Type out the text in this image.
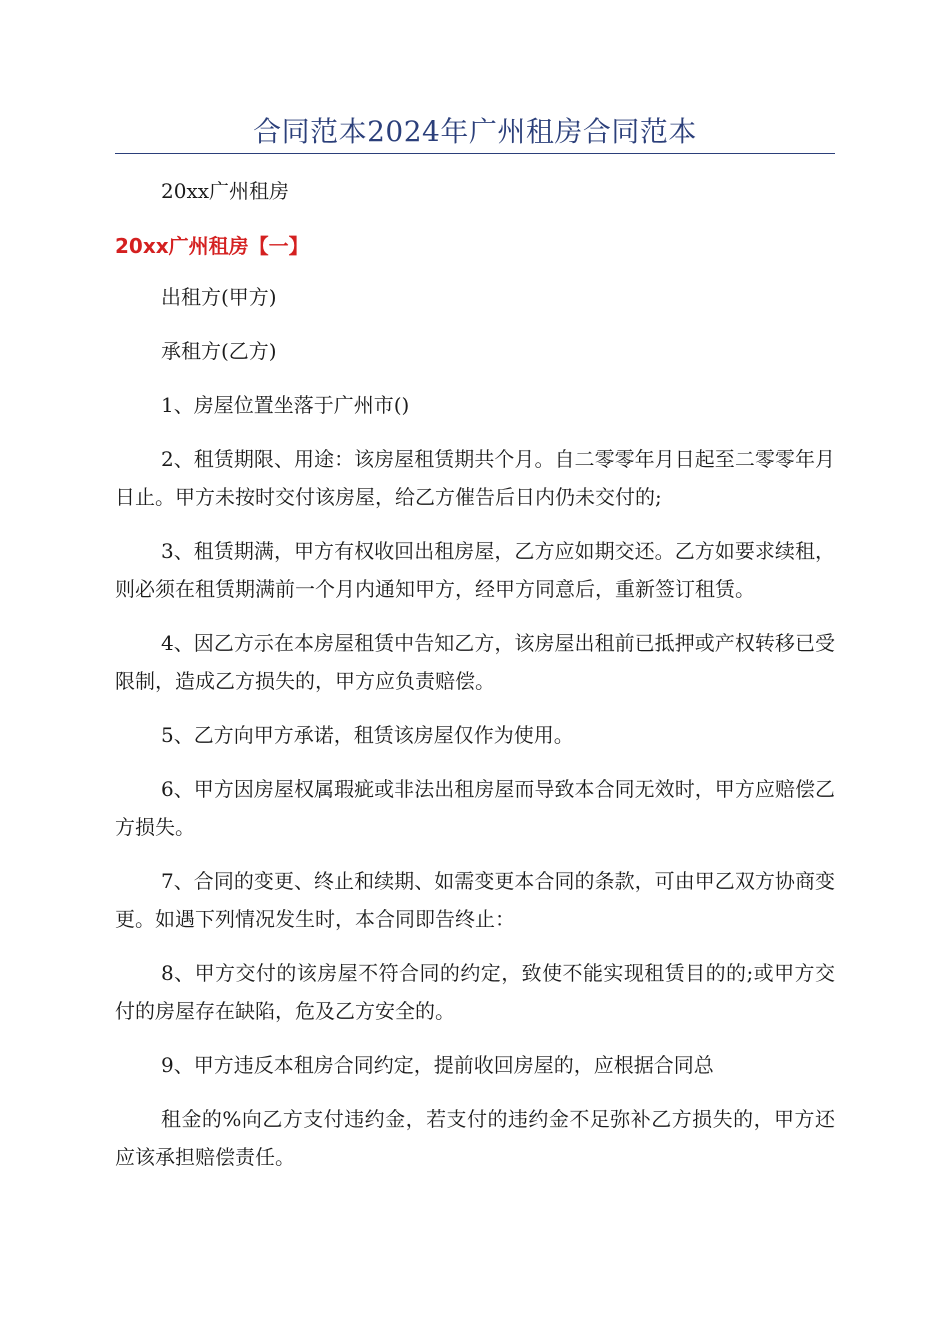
合同范本2024年广州租房合同范本

20xx广州租房

20xx广州租房【一】

出租方(甲方)

承租方(乙方)

1、房屋位置坐落于广州市()

2、租赁期限、用途：该房屋租赁期共个月。自二零零年月日起至二零零年月日止。甲方未按时交付该房屋，给乙方催告后日内仍未交付的;

3、租赁期满，甲方有权收回出租房屋，乙方应如期交还。乙方如要求续租，则必须在租赁期满前一个月内通知甲方，经甲方同意后，重新签订租赁。

4、因乙方示在本房屋租赁中告知乙方，该房屋出租前已抵押或产权转移已受限制，造成乙方损失的，甲方应负责赔偿。

5、乙方向甲方承诺，租赁该房屋仅作为使用。

6、甲方因房屋权属瑕疵或非法出租房屋而导致本合同无效时，甲方应赔偿乙方损失。

7、合同的变更、终止和续期、如需变更本合同的条款，可由甲乙双方协商变更。如遇下列情况发生时，本合同即告终止：

8、甲方交付的该房屋不符合同的约定，致使不能实现租赁目的的;或甲方交付的房屋存在缺陷，危及乙方安全的。

9、甲方违反本租房合同约定，提前收回房屋的，应根据合同总

租金的%向乙方支付违约金，若支付的违约金不足弥补乙方损失的，甲方还应该承担赔偿责任。
